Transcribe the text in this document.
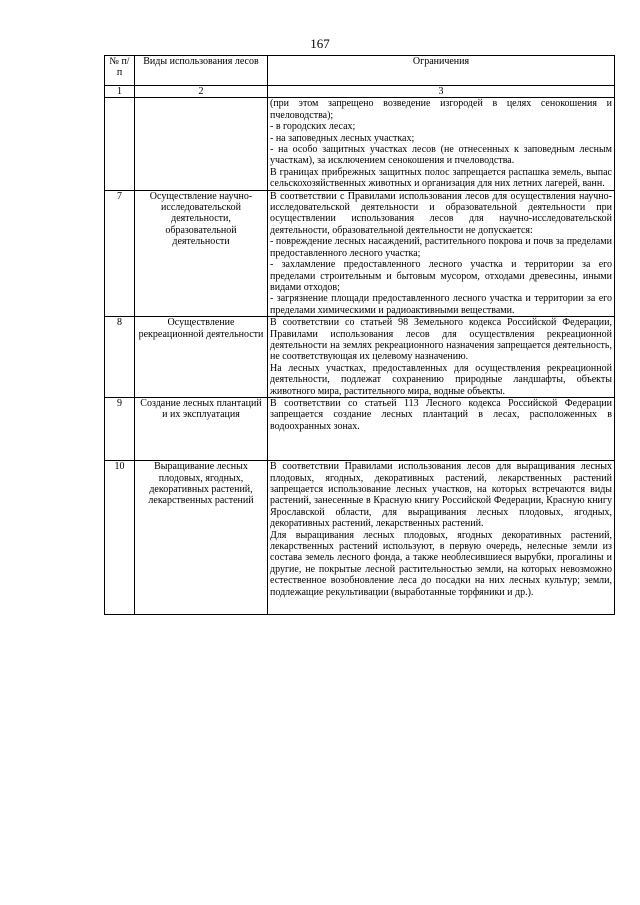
167
№ п/п	Виды использования лесов	Ограничения
1	2	3

		(при этом запрещено возведение изгородей в целях сенокошения и пчеловодства);
- в городских лесах;
- на заповедных лесных участках;
- на особо защитных участках лесов (не отнесенных к заповедным лесным участкам), за исключением сенокошения и пчеловодства.
В границах прибрежных защитных полос запрещается распашка земель, выпас сельскохозяйственных животных и организация для них летних лагерей, ванн.

7	Осуществление научно-исследовательской деятельности, образовательной деятельности	В соответствии с Правилами использования лесов для осуществления научно-исследовательской деятельности и образовательной деятельности при осуществлении использования лесов для научно-исследовательской деятельности, образовательной деятельности не допускается:
- повреждение лесных насаждений, растительного покрова и почв за пределами предоставленного лесного участка;
- захламление предоставленного лесного участка и территории за его пределами строительным и бытовым мусором, отходами древесины, иными видами отходов;
- загрязнение площади предоставленного лесного участка и территории за его пределами химическими и радиоактивными веществами.

8	Осуществление рекреационной деятельности	В соответствии со статьей 98 Земельного кодекса Российской Федерации, Правилами использования лесов для осуществления рекреационной деятельности на землях рекреационного назначения запрещается деятельность, не соответствующая их целевому назначению.
На лесных участках, предоставленных для осуществления рекреационной деятельности, подлежат сохранению природные ландшафты, объекты животного мира, растительного мира, водные объекты.

9	Создание лесных плантаций и их эксплуатация	В соответствии со статьей 113 Лесного кодекса Российской Федерации запрещается создание лесных плантаций в лесах, расположенных в водоохранных зонах.

10	Выращивание лесных плодовых, ягодных, декоративных растений, лекарственных растений	В соответствии Правилами использования лесов для выращивания лесных плодовых, ягодных, декоративных растений, лекарственных растений запрещается использование лесных участков, на которых встречаются виды растений, занесенные в Красную книгу Российской Федерации, Красную книгу Ярославской области, для выращивания лесных плодовых, ягодных, декоративных растений, лекарственных растений.
Для выращивания лесных плодовых, ягодных декоративных растений, лекарственных растений используют, в первую очередь, нелесные земли из состава земель лесного фонда, а также необлесившиеся вырубки, прогалины и другие, не покрытые лесной растительностью земли, на которых невозможно естественное возобновление леса до посадки на них лесных культур; земли, подлежащие рекультивации (выработанные торфяники и др.).
